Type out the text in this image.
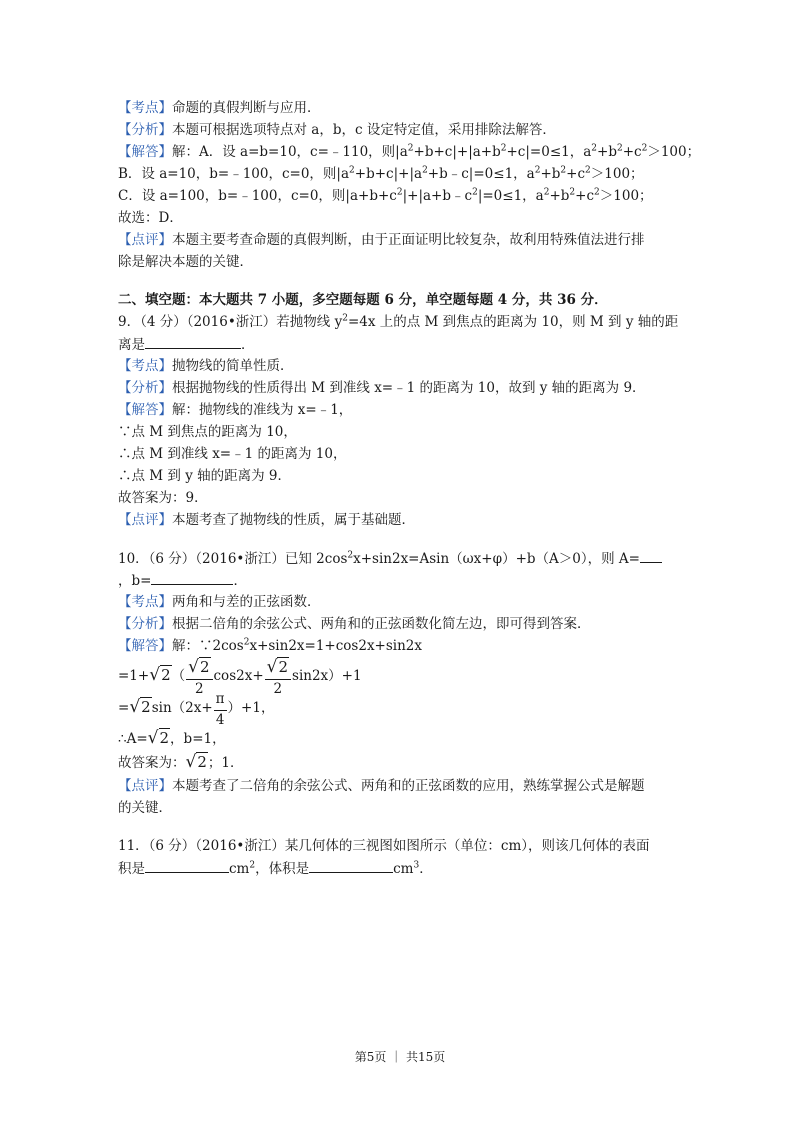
【考点】命题的真假判断与应用．
【分析】本题可根据选项特点对 a，b，c 设定特定值，采用排除法解答．
【解答】解：A．设 a=b=10，c=﹣110，则$|a^2+b+c|+|a+b^2+c|=0\le 1$，$a^2+b^2+c^2>100$；
B．设 a=10，b=﹣100，c=0，则$|a^2+b+c|+|a^2+b﹣c|=0\le 1$，$a^2+b^2+c^2>100$；
C．设 a=100，b=﹣100，c=0，则$|a+b+c^2|+|a+b﹣c^2|=0\le 1$，$a^2+b^2+c^2>100$；
故选：D．
【点评】本题主要考查命题的真假判断，由于正面证明比较复杂，故利用特殊值法进行排
除是解决本题的关键．
二、填空题：本大题共 7 小题，多空题每题 6 分，单空题每题 4 分，共 36 分．
9．（4 分）（2016•浙江）若抛物线 $y^2=4x$ 上的点 M 到焦点的距离为 10，则 M 到 y 轴的距
离是	．
【考点】抛物线的简单性质．
【分析】根据抛物线的性质得出 M 到准线 x=﹣1 的距离为 10，故到 y 轴的距离为 9．
【解答】解：抛物线的准线为 x=﹣1，
∵点 M 到焦点的距离为 10，
∴点 M 到准线 x=﹣1 的距离为 10，
∴点 M 到 y 轴的距离为 9．
故答案为：9．
【点评】本题考查了抛物线的性质，属于基础题．
10．（6 分）（2016•浙江）已知 $2\cos^2x+\sin 2x=Asin(\omega x+\varphi)+b(A>0)$，则 A=
，b=	．
【考点】两角和与差的正弦函数．
【分析】根据二倍角的余弦公式、两角和的正弦函数化简左边，即可得到答案．
【解答】解：$\because 2\cos^2x+\sin 2x=1+\cos 2x+\sin 2x$
$=1+√2( \frac{√2}{2} \cos 2x+ \frac{√2}{2} \sin 2x)+1$
$=√2\sin(2x+ \frac{\pi}{4} )+1$，
∴A=√2，b=1，
故答案为：√2；1．
【点评】本题考查了二倍角的余弦公式、两角和的正弦函数的应用，熟练掌握公式是解题
的关键．
11．（6 分）（2016•浙江）某几何体的三视图如图所示（单位：cm），则该几何体的表面
积是	$cm^2$，体积是	$cm^3$．
第5页 ｜ 共15页
